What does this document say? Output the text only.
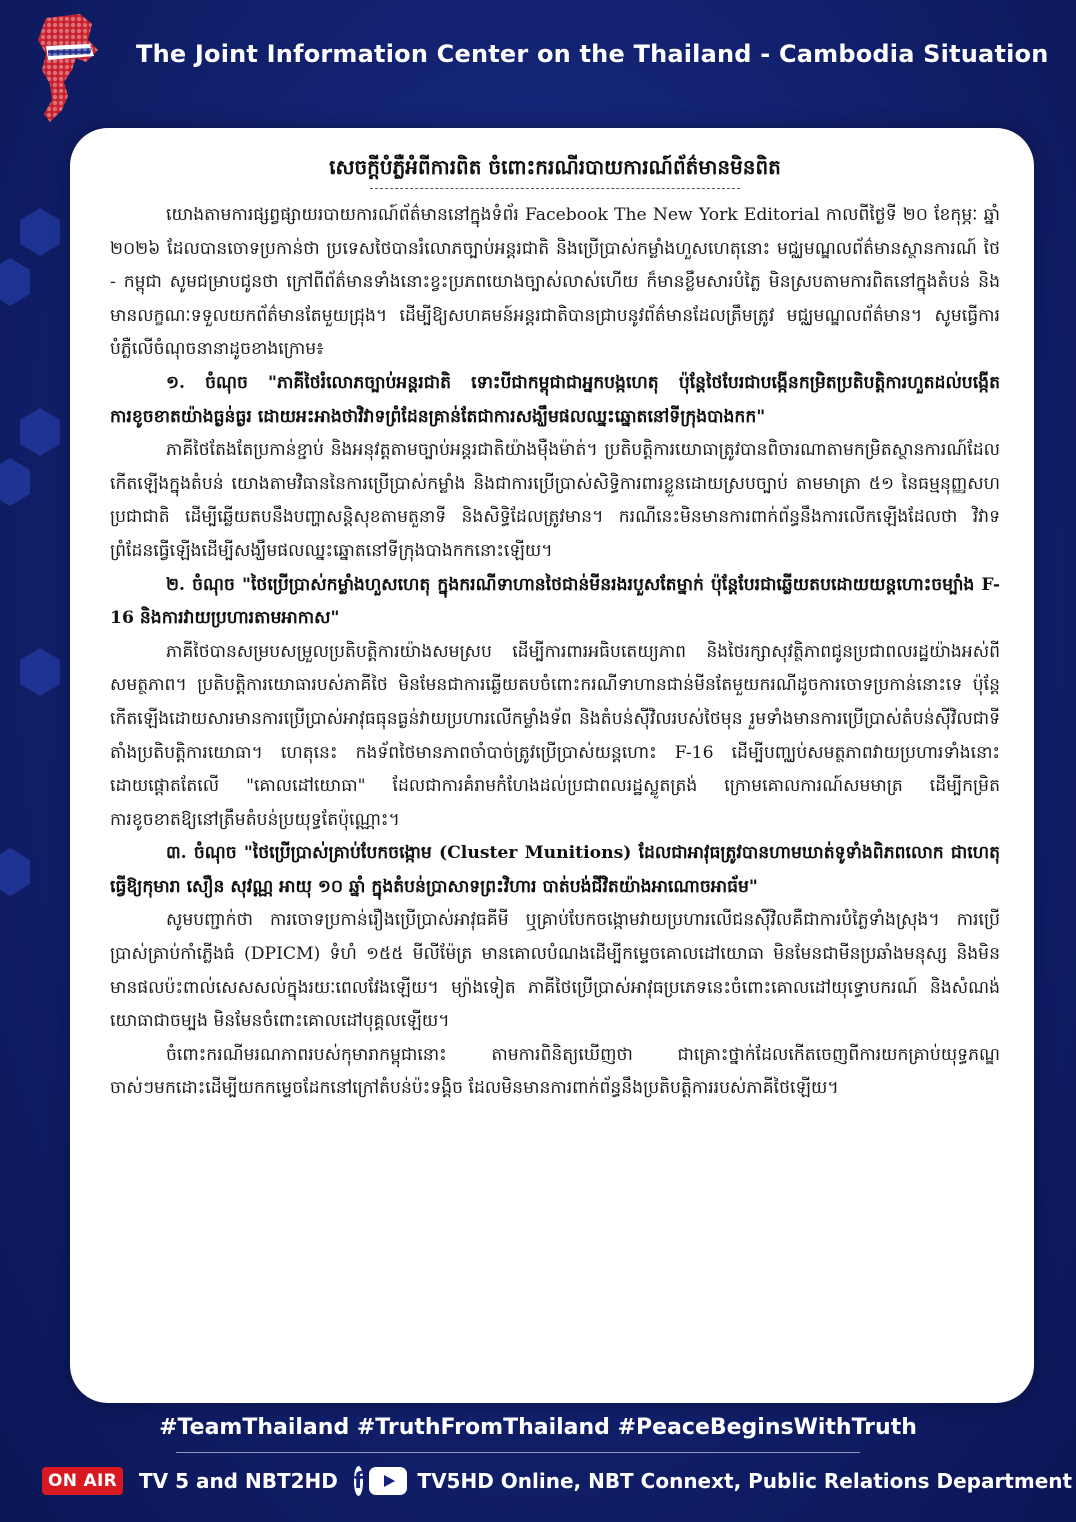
The Joint Information Center on the Thailand - Cambodia Situation
សេចក្តីបំភ្លឺអំពីការពិត ចំពោះករណីរបាយការណ៍ព័ត៌មានមិនពិត

យោងតាមការផ្សព្វផ្សាយរបាយការណ៍ព័ត៌មាននៅក្នុងទំព័រ Facebook The New York Editorial កាលពីថ្ងៃទី ២០ ខែកុម្ភៈ ឆ្នាំ ២០២៦ ដែលបានចោទប្រកាន់ថា ប្រទេសថៃបានរំលោភច្បាប់អន្តរជាតិ និងប្រើប្រាស់កម្លាំងហួសហេតុនោះ មជ្ឈមណ្ឌលព័ត៌មានស្ថានការណ៍ ថៃ - កម្ពុជា សូមជម្រាបជូនថា ក្រៅពីព័ត៌មានទាំងនោះខ្វះប្រភពយោងច្បាស់លាស់ហើយ ក៏មានខ្លឹមសារបំភ្លៃ មិនស្របតាមការពិតនៅក្នុងតំបន់ និងមានលក្ខណៈទទួលយកព័ត៌មានតែមួយជ្រុង។ ដើម្បីឱ្យសហគមន៍អន្តរជាតិបានជ្រាបនូវព័ត៌មានដែលត្រឹមត្រូវ មជ្ឈមណ្ឌលព័ត៌មាន។ សូមធ្វើការបំភ្លឺលើចំណុចនានាដូចខាងក្រោម៖

១. ចំណុច "ភាគីថៃរំលោភច្បាប់អន្តរជាតិ ទោះបីជាកម្ពុជាជាអ្នកបង្កហេតុ ប៉ុន្តែថៃបែរជាបង្កើនកម្រិតប្រតិបត្តិការហួតដល់បង្កើតការខូចខាតយ៉ាងធ្ងន់ធ្ងរ ដោយអះអាងថាវិវាទព្រំដែនគ្រាន់តែជាការសង្ឃឹមផលឈ្នះឆ្នោតនៅទីក្រុងបាងកក"

ភាគីថៃតែងតែប្រកាន់ខ្ជាប់ និងអនុវត្តតាមច្បាប់អន្តរជាតិយ៉ាងម៉ឺងម៉ាត់។ ប្រតិបត្តិការយោធាត្រូវបានពិចារណាតាមកម្រិតស្ថានការណ៍ដែលកើតឡើងក្នុងតំបន់ យោងតាមវិធាននៃការប្រើប្រាស់កម្លាំង និងជាការប្រើប្រាស់សិទ្ធិការពារខ្លួនដោយស្របច្បាប់ តាមមាត្រា ៥១ នៃធម្មនុញ្ញសហប្រជាជាតិ ដើម្បីឆ្លើយតបនឹងបញ្ហាសន្តិសុខតាមតួនាទី និងសិទ្ធិដែលត្រូវមាន។ ករណីនេះមិនមានការពាក់ព័ន្ធនឹងការលើកឡើងដែលថា វិវាទព្រំដែនធ្វើឡើងដើម្បីសង្ឃឹមផលឈ្នះឆ្នោតនៅទីក្រុងបាងកកនោះឡើយ។

២. ចំណុច "ថៃប្រើប្រាស់កម្លាំងហួសហេតុ ក្នុងករណីទាហានថៃជាន់មីនរងរបួសតែម្នាក់ ប៉ុន្តែបែរជាឆ្លើយតបដោយយន្តហោះចម្បាំង F-16 និងការវាយប្រហារតាមអាកាស"

ភាគីថៃបានសម្របសម្រួលប្រតិបត្តិការយ៉ាងសមស្រប ដើម្បីការពារអធិបតេយ្យភាព និងថៃរក្សាសុវត្ថិភាពជូនប្រជាពលរដ្ឋយ៉ាងអស់ពីសមត្ថភាព។ ប្រតិបត្តិការយោធារបស់ភាគីថៃ មិនមែនជាការឆ្លើយតបចំពោះករណីទាហានជាន់មីនតែមួយករណីដូចការចោទប្រកាន់នោះទេ ប៉ុន្តែកើតឡើងដោយសារមានការប្រើប្រាស់អាវុធធុនធ្ងន់វាយប្រហារលើកម្លាំងទ័ព និងតំបន់ស៊ីវិលរបស់ថៃមុន រួមទាំងមានការប្រើប្រាស់តំបន់ស៊ីវិលជាទីតាំងប្រតិបត្តិការយោធា។ ហេតុនេះ កងទ័ពថៃមានភាពចាំបាច់ត្រូវប្រើប្រាស់យន្តហោះ F-16 ដើម្បីបញ្ឈប់សមត្ថភាពវាយប្រហារទាំងនោះ ដោយផ្តោតតែលើ "គោលដៅយោធា" ដែលជាការគំរាមកំហែងដល់ប្រជាពលរដ្ឋស្លូតត្រង់ ក្រោមគោលការណ៍សមមាត្រ ដើម្បីកម្រិតការខូចខាតឱ្យនៅត្រឹមតំបន់ប្រយុទ្ធតែប៉ុណ្ណោះ។

៣. ចំណុច "ថៃប្រើប្រាស់គ្រាប់បែកចង្កោម (Cluster Munitions) ដែលជាអាវុធត្រូវបានហាមឃាត់ទូទាំងពិភពលោក ជាហេតុធ្វើឱ្យកុមារា សឿន សុវណ្ណ អាយុ ១០ ឆ្នាំ ក្នុងតំបន់ប្រាសាទព្រះវិហារ បាត់បង់ជីវិតយ៉ាងអាណោចអាធ័ម"

សូមបញ្ជាក់ថា ការចោទប្រកាន់រឿងប្រើប្រាស់អាវុធគីមី ឬគ្រាប់បែកចង្កោមវាយប្រហារលើជនស៊ីវិលគឺជាការបំភ្លៃទាំងស្រុង។ ការប្រើប្រាស់គ្រាប់កាំភ្លើងធំ (DPICM) ទំហំ ១៥៥ មីលីម៉ែត្រ មានគោលបំណងដើម្បីកម្ទេចគោលដៅយោធា មិនមែនជាមីនប្រឆាំងមនុស្ស និងមិនមានផលប៉ះពាល់សេសសល់ក្នុងរយៈពេលវែងឡើយ។ ម្យ៉ាងទៀត ភាគីថៃប្រើប្រាស់អាវុធប្រភេទនេះចំពោះគោលដៅយុទ្ធោបករណ៍ និងសំណង់យោធាជាចម្បង មិនមែនចំពោះគោលដៅបុគ្គលឡើយ។

ចំពោះករណីមរណភាពរបស់កុមារាកម្ពុជានោះ តាមការពិនិត្យឃើញថា ជាគ្រោះថ្នាក់ដែលកើតចេញពីការយកគ្រាប់យុទ្ធភណ្ឌចាស់ៗមកដោះដើម្បីយកកម្ទេចដែកនៅក្រៅតំបន់ប៉ះទង្គិច ដែលមិនមានការពាក់ព័ន្ធនឹងប្រតិបត្តិការរបស់ភាគីថៃឡើយ។

#TeamThailand #TruthFromThailand #PeaceBeginsWithTruth
ON AIR	TV 5 and NBT2HD f	TV5HD Online, NBT Connext, Public Relations Department
